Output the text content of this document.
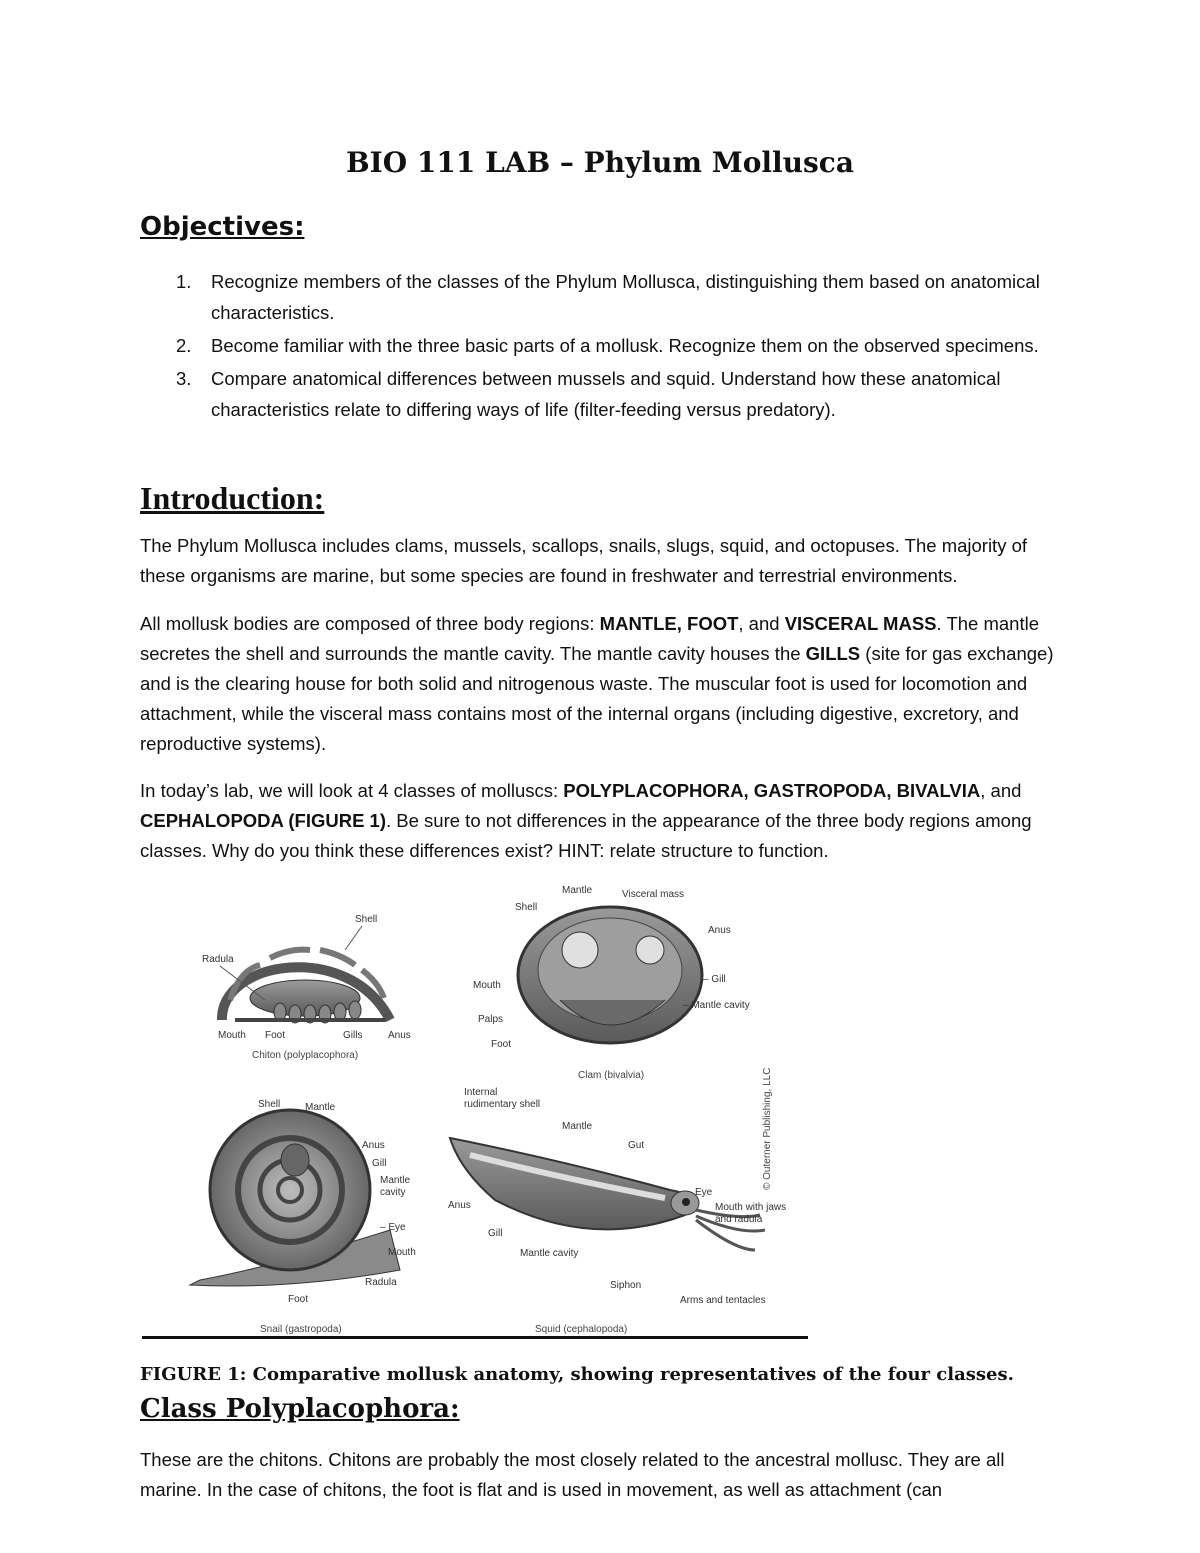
BIO 111 LAB – Phylum Mollusca
Objectives:
1. Recognize members of the classes of the Phylum Mollusca, distinguishing them based on anatomical characteristics.
2. Become familiar with the three basic parts of a mollusk. Recognize them on the observed specimens.
3. Compare anatomical differences between mussels and squid. Understand how these anatomical characteristics relate to differing ways of life (filter-feeding versus predatory).
Introduction:
The Phylum Mollusca includes clams, mussels, scallops, snails, slugs, squid, and octopuses. The majority of these organisms are marine, but some species are found in freshwater and terrestrial environments.
All mollusk bodies are composed of three body regions: MANTLE, FOOT, and VISCERAL MASS. The mantle secretes the shell and surrounds the mantle cavity. The mantle cavity houses the GILLS (site for gas exchange) and is the clearing house for both solid and nitrogenous waste. The muscular foot is used for locomotion and attachment, while the visceral mass contains most of the internal organs (including digestive, excretory, and reproductive systems).
In today’s lab, we will look at 4 classes of molluscs: POLYPLACOPHORA, GASTROPODA, BIVALVIA, and CEPHALOPODA (FIGURE 1). Be sure to not differences in the appearance of the three body regions among classes. Why do you think these differences exist? HINT: relate structure to function.
Shell
Radula
Mouth Foot	Gills	Anus
Chiton (polyplacophora)
Mantle	Visceral mass
Shell
Anus
– Gill
– Mantle cavity
Mouth
Palps
Foot
Clam (bivalvia)
Shell Mantle
Anus
Gill
Mantle
cavity
– Eye
Mouth
Radula
Foot
Snail (gastropoda)
Internal
rudimentary shell
Mantle
Gut
Eye
Mouth with jaws
and radula
Anus
Gill
Mantle cavity
Siphon
Arms and tentacles
Squid (cephalopoda)
© Outerner Publishing, LLC
FIGURE 1: Comparative mollusk anatomy, showing representatives of the four classes.
Class Polyplacophora:
These are the chitons. Chitons are probably the most closely related to the ancestral mollusc. They are all marine. In the case of chitons, the foot is flat and is used in movement, as well as attachment (can
